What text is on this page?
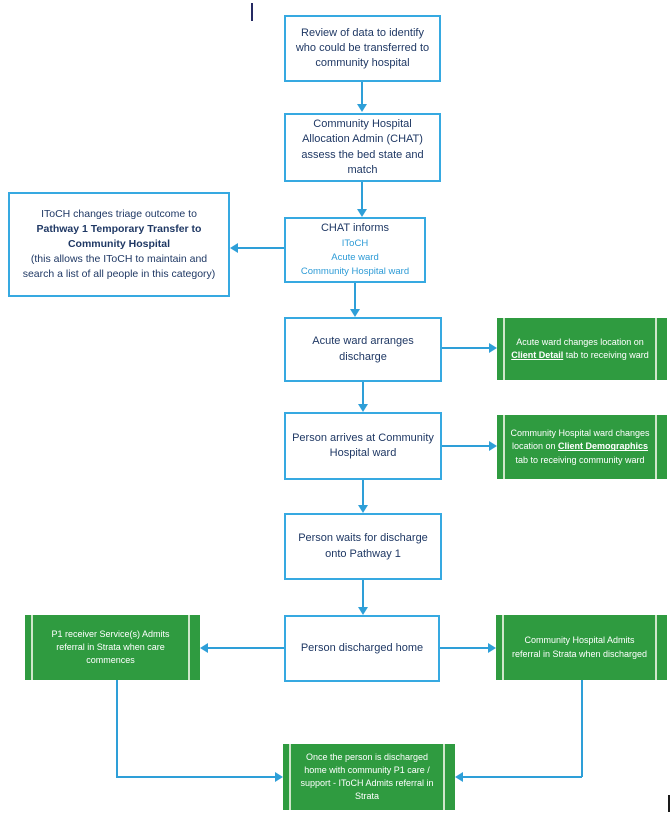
Review of data to identify who could be transferred to community hospital
Community Hospital Allocation Admin (CHAT) assess the bed state and match
CHAT informs
IToCH
Acute ward
Community Hospital ward
IToCH changes triage outcome to
Pathway 1 Temporary Transfer to Community Hospital
(this allows the IToCH to maintain and search a list of all people in this category)
Acute ward arranges discharge
Acute ward changes location on Client Detail tab to receiving ward
Person arrives at Community Hospital ward
Community Hospital ward changes location on Client Demographics tab to receiving community ward
Person waits for discharge onto Pathway 1
Person discharged home
P1 receiver Service(s) Admits referral in Strata when care commences
Community Hospital Admits referral in Strata when discharged
Once the person is discharged home with community P1 care / support - IToCH Admits referral in Strata
